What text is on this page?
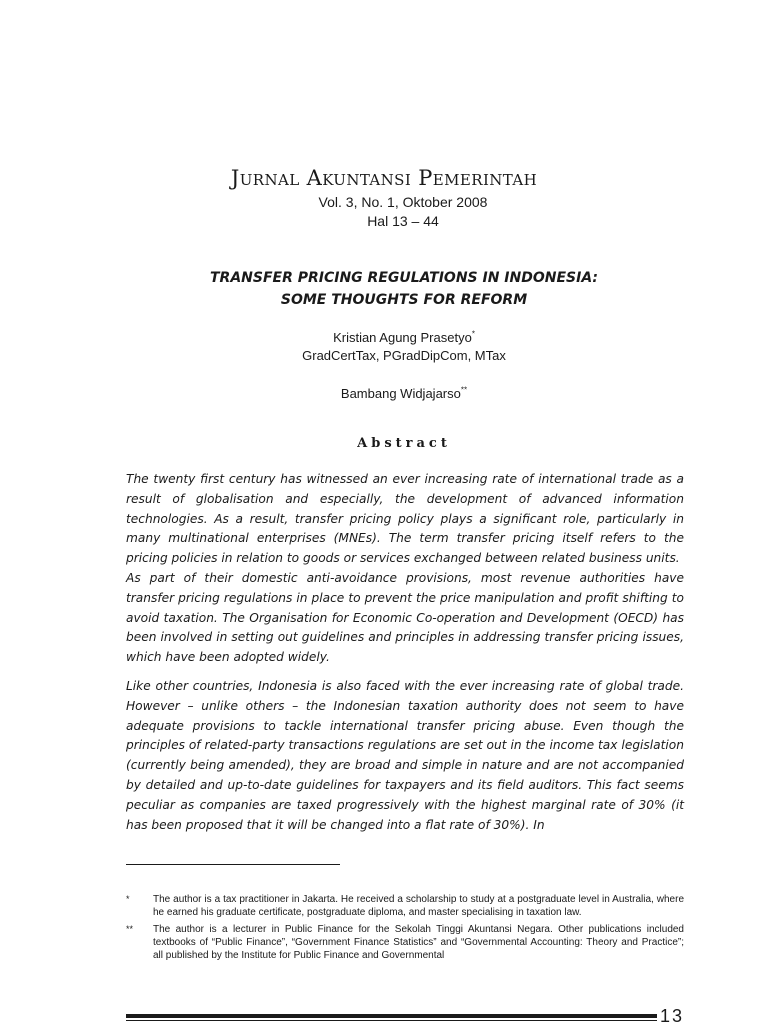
Jurnal Akuntansi Pemerintah
Vol. 3, No. 1, Oktober 2008
Hal 13 – 44
TRANSFER PRICING REGULATIONS IN INDONESIA:
SOME THOUGHTS FOR REFORM
Kristian Agung Prasetyo*
GradCertTax, PGradDipCom, MTax
Bambang Widjajarso**
Abstract

The twenty first century has witnessed an ever increasing rate of international trade as a result of globalisation and especially, the development of advanced information technologies. As a result, transfer pricing policy plays a significant role, particularly in many multinational enterprises (MNEs). The term transfer pricing itself refers to the pricing policies in relation to goods or services exchanged between related business units.

As part of their domestic anti-avoidance provisions, most revenue authorities have transfer pricing regulations in place to prevent the price manipulation and profit shifting to avoid taxation. The Organisation for Economic Co-operation and Development (OECD) has been involved in setting out guidelines and principles in addressing transfer pricing issues, which have been adopted widely.

Like other countries, Indonesia is also faced with the ever increasing rate of global trade. However – unlike others – the Indonesian taxation authority does not seem to have adequate provisions to tackle international transfer pricing abuse. Even though the principles of related-party transactions regulations are set out in the income tax legislation (currently being amended), they are broad and simple in nature and are not accompanied by detailed and up-to-date guidelines for taxpayers and its field auditors. This fact seems peculiar as companies are taxed progressively with the highest marginal rate of 30% (it has been proposed that it will be changed into a flat rate of 30%). In

*	The author is a tax practitioner in Jakarta. He received a scholarship to study at a postgraduate level in Australia, where he earned his graduate certificate, postgraduate diploma, and master specialising in taxation law.
**	The author is a lecturer in Public Finance for the Sekolah Tinggi Akuntansi Negara. Other publications included textbooks of “Public Finance”, “Government Finance Statistics” and “Governmental Accounting: Theory and Practice”; all published by the Institute for Public Finance and Governmental
13
